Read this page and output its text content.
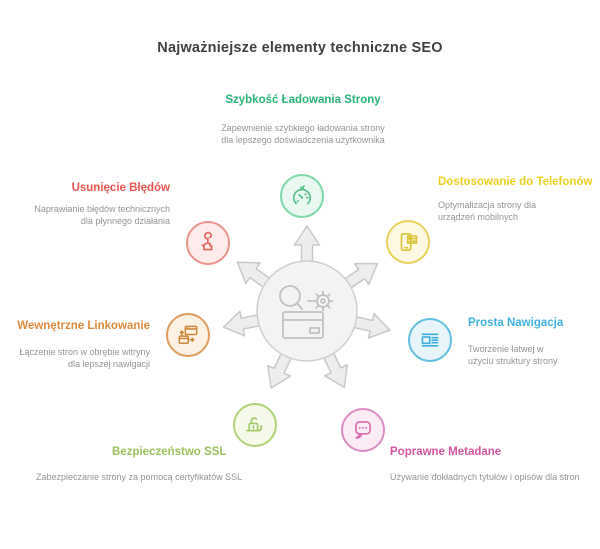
Najważniejsze elementy techniczne SEO
Szybkość Ładowania Strony
Zapewnienie szybkiego ładowania strony dla lepszego doświadczenia użytkownika
Dostosowanie do Telefonów
Optymalizacja strony dla urządzeń mobilnych
Prosta Nawigacja
Tworzenie łatwej w użyciu struktury strony
Poprawne Metadane
Używanie dokładnych tytułów i opisów dla stron
Bezpieczeństwo SSL
Zabezpieczanie strony za pomocą certyfikatów SSL
Wewnętrzne Linkowanie
Łączenie stron w obrębie witryny dla lepszej nawigacji
Usunięcie Błędów
Naprawianie błędów technicznych dla płynnego działania
